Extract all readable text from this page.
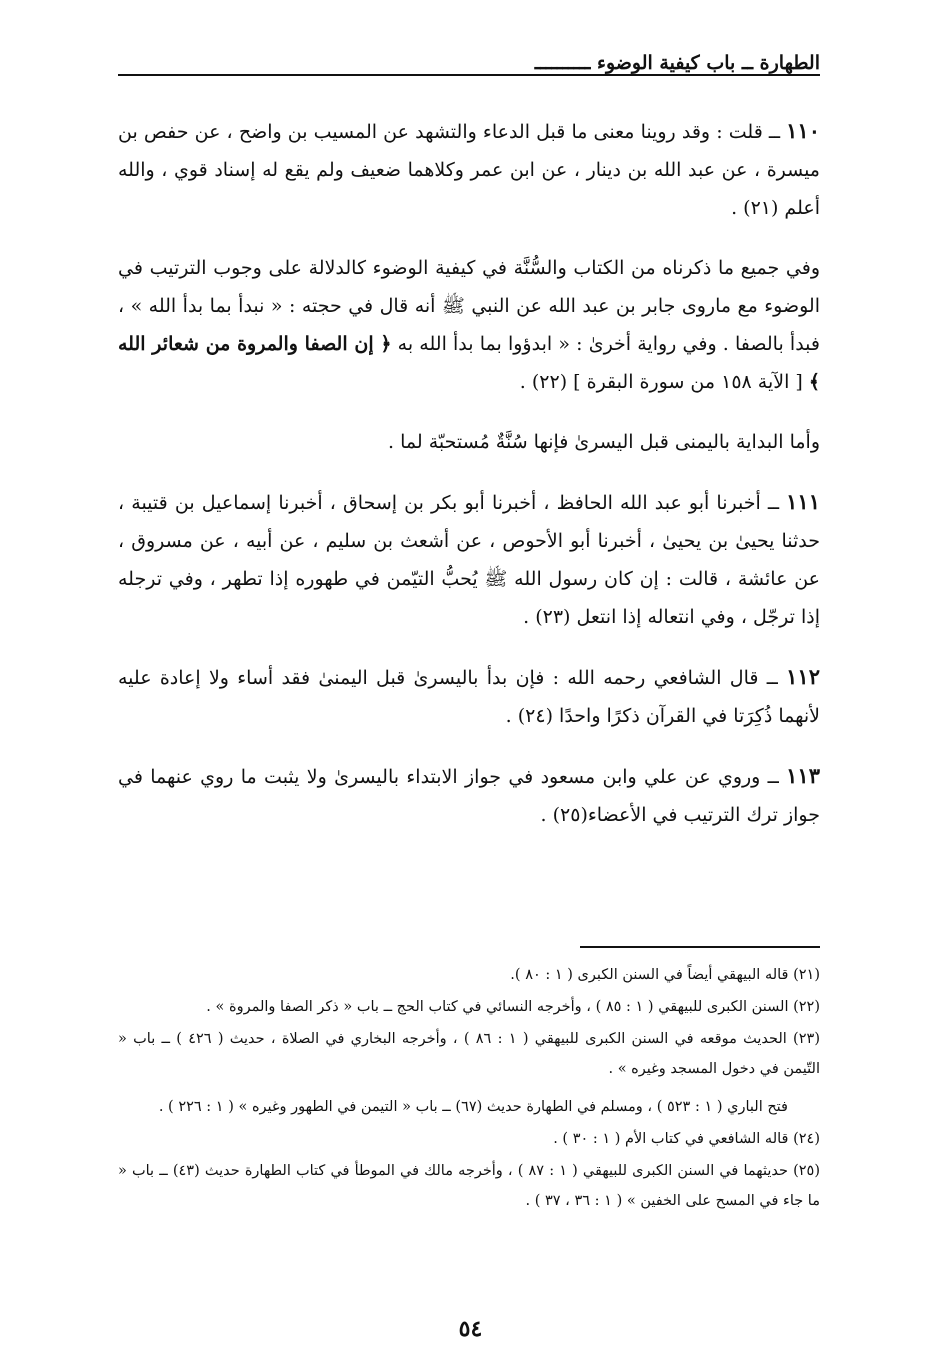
الطهارة ــ باب كيفية الوضوء ــــــــــ

١١٠ ــ قلت : وقد روينا معنى ما قبل الدعاء والتشهد عن المسيب بن واضح ، عن حفص بن ميسرة ، عن عبد الله بن دينار ، عن ابن عمر وكلاهما ضعيف ولم يقع له إسناد قوي ، والله أعلم (٢١) .

وفي جميع ما ذكرناه من الكتاب والسُّنَّة في كيفية الوضوء كالدلالة على وجوب الترتيب في الوضوء مع ماروى جابر بن عبد الله عن النبي ﷺ أنه قال في حجته : « نبدأ بما بدأ الله » ، فبدأ بالصفا . وفي رواية أخرىٰ : « ابدؤوا بما بدأ الله به ﴿ إن الصفا والمروة من شعائر الله ﴾ [ الآية ١٥٨ من سورة البقرة ] (٢٢) .

وأما البداية باليمنى قبل اليسرىٰ فإنها سُنَّةٌ مُستحبّة لما .

١١١ ــ أخبرنا أبو عبد الله الحافظ ، أخبرنا أبو بكر بن إسحاق ، أخبرنا إسماعيل بن قتيبة ، حدثنا يحيىٰ بن يحيىٰ ، أخبرنا أبو الأحوص ، عن أشعث بن سليم ، عن أبيه ، عن مسروق ، عن عائشة ، قالت : إن كان رسول الله ﷺ يُحبُّ التيّمن في طهوره إذا تطهر ، وفي ترجله إذا ترجّل ، وفي انتعاله إذا انتعل (٢٣) .

١١٢ ــ قال الشافعي رحمه الله : فإن بدأ باليسرىٰ قبل اليمنىٰ فقد أساء ولا إعادة عليه لأنهما ذُكِرَتا في القرآن ذكرًا واحدًا (٢٤) .

١١٣ ــ وروي عن علي وابن مسعود في جواز الابتداء باليسرىٰ ولا يثبت ما روي عنهما في جواز ترك الترتيب في الأعضاء(٢٥) .

(٢١) قاله البيهقي أيضاً في السنن الكبرى ( ١ : ٨٠ ).

(٢٢) السنن الكبرى للبيهقي ( ١ : ٨٥ ) ، وأخرجه النسائي في كتاب الحج ــ باب « ذكر الصفا والمروة » .

(٢٣) الحديث موقعه في السنن الكبرى للبيهقي ( ١ : ٨٦ ) ، وأخرجه البخاري في الصلاة ، حديث ( ٤٢٦ ) ــ باب « التّيمن في دخول المسجد وغيره » .

فتح الباري ( ١ : ٥٢٣ ) ، ومسلم في الطهارة حديث (٦٧) ــ باب « التيمن في الطهور وغيره » ( ١ : ٢٢٦ ) .

(٢٤) قاله الشافعي في كتاب الأم ( ١ : ٣٠ ) .

(٢٥) حديثهما في السنن الكبرى للبيهقي ( ١ : ٨٧ ) ، وأخرجه مالك في الموطأ في كتاب الطهارة حديث (٤٣) ــ باب « ما جاء في المسح على الخفين » ( ١ : ٣٦ ، ٣٧ ) .

٥٤
